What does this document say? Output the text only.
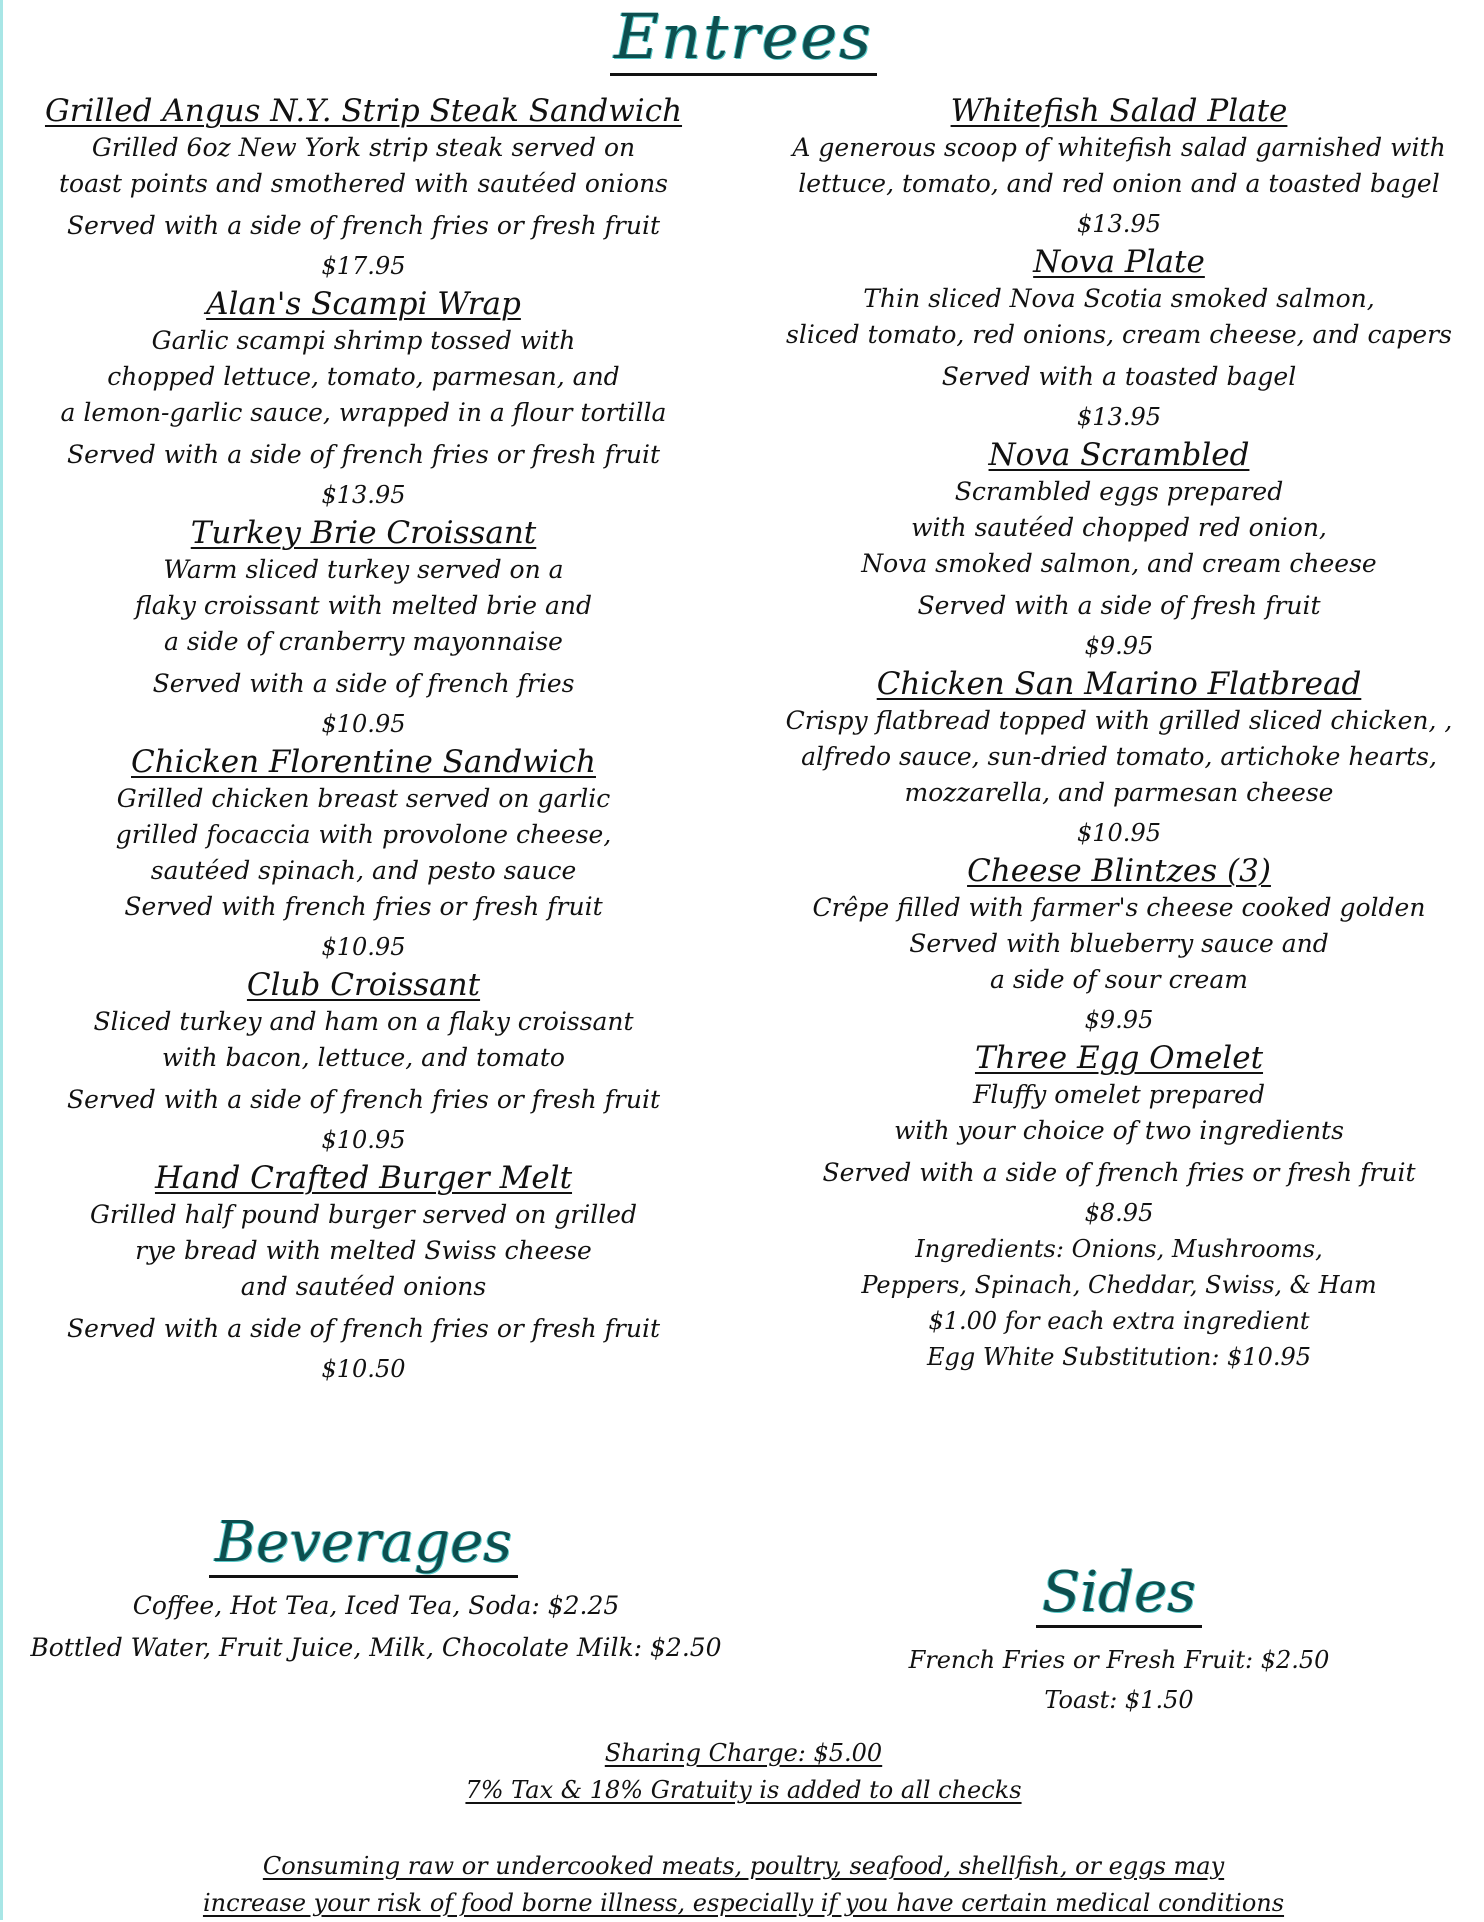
Entrees

Grilled Angus N.Y. Strip Steak Sandwich

Grilled 6oz New York strip steak served on

toast points and smothered with sautéed onions

Served with a side of french fries or fresh fruit

$17.95

Alan's Scampi Wrap

Garlic scampi shrimp tossed with

chopped lettuce, tomato, parmesan, and

a lemon-garlic sauce, wrapped in a flour tortilla

Served with a side of french fries or fresh fruit

$13.95

Turkey Brie Croissant

Warm sliced turkey served on a

flaky croissant with melted brie and

a side of cranberry mayonnaise

Served with a side of french fries

$10.95

Chicken Florentine Sandwich

Grilled chicken breast served on garlic

grilled focaccia with provolone cheese,

sautéed spinach, and pesto sauce

Served with french fries or fresh fruit

$10.95

Club Croissant

Sliced turkey and ham on a flaky croissant

with bacon, lettuce, and tomato

Served with a side of french fries or fresh fruit

$10.95

Hand Crafted Burger Melt

Grilled half pound burger served on grilled

rye bread with melted Swiss cheese

and sautéed onions

Served with a side of french fries or fresh fruit

$10.50

Whitefish Salad Plate

A generous scoop of whitefish salad garnished with

lettuce, tomato, and red onion and a toasted bagel

$13.95

Nova Plate

Thin sliced Nova Scotia smoked salmon,

sliced tomato, red onions, cream cheese, and capers

Served with a toasted bagel

$13.95

Nova Scrambled

Scrambled eggs prepared

with sautéed chopped red onion,

Nova smoked salmon, and cream cheese

Served with a side of fresh fruit

$9.95

Chicken San Marino Flatbread

Crispy flatbread topped with grilled sliced chicken, ,

alfredo sauce, sun-dried tomato, artichoke hearts,

mozzarella, and parmesan cheese

$10.95

Cheese Blintzes (3)

Crêpe filled with farmer's cheese cooked golden

Served with blueberry sauce and

a side of sour cream

$9.95

Three Egg Omelet

Fluffy omelet prepared

with your choice of two ingredients

Served with a side of french fries or fresh fruit

$8.95

Ingredients: Onions, Mushrooms,

Peppers, Spinach, Cheddar, Swiss, & Ham

$1.00 for each extra ingredient

Egg White Substitution: $10.95

Beverages

Coffee, Hot Tea, Iced Tea, Soda: $2.25

Bottled Water, Fruit Juice, Milk, Chocolate Milk: $2.50

Sides

French Fries or Fresh Fruit: $2.50

Toast: $1.50

Sharing Charge: $5.00

7% Tax & 18% Gratuity is added to all checks

Consuming raw or undercooked meats, poultry, seafood, shellfish, or eggs may

increase your risk of food borne illness, especially if you have certain medical conditions
